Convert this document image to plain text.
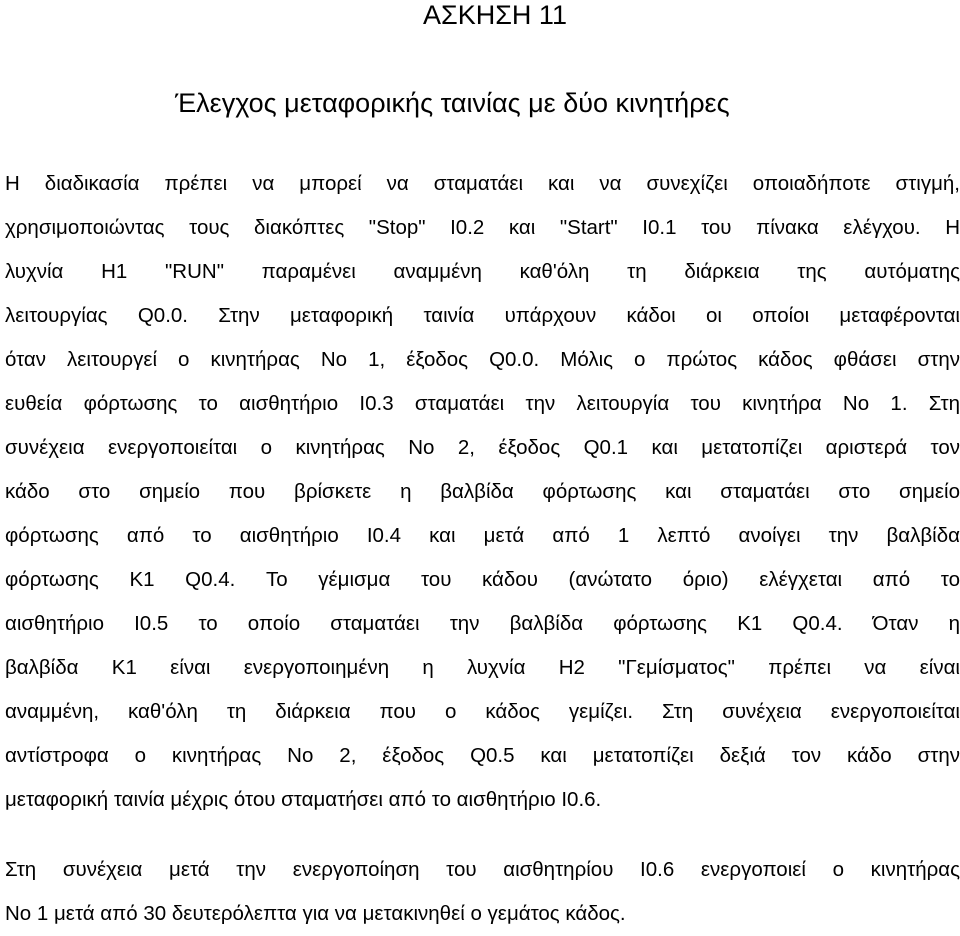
ΑΣΚΗΣΗ 11
Έλεγχος μεταφορικής ταινίας με δύο κινητήρες
Η διαδικασία πρέπει να μπορεί να σταματάει και να συνεχίζει οποιαδήποτε στιγμή,
χρησιμοποιώντας τους διακόπτες "Stop" I0.2 και "Start" I0.1 του πίνακα ελέγχου. Η
λυχνία H1 "RUN" παραμένει αναμμένη καθ'όλη τη διάρκεια της αυτόματης
λειτουργίας Q0.0. Στην μεταφορική ταινία υπάρχουν κάδοι οι οποίοι μεταφέρονται
όταν λειτουργεί ο κινητήρας Νο 1, έξοδος Q0.0. Μόλις ο πρώτος κάδος φθάσει στην
ευθεία φόρτωσης το αισθητήριο I0.3 σταματάει την λειτουργία του κινητήρα Νο 1. Στη
συνέχεια ενεργοποιείται ο κινητήρας Νο 2, έξοδος Q0.1 και μετατοπίζει αριστερά τον
κάδο στο σημείο που βρίσκετε η βαλβίδα φόρτωσης και σταματάει στο σημείο
φόρτωσης από το αισθητήριο I0.4 και μετά από 1 λεπτό ανοίγει την βαλβίδα
φόρτωσης K1 Q0.4. Το γέμισμα του κάδου (ανώτατο όριο) ελέγχεται από το
αισθητήριο I0.5 το οποίο σταματάει την βαλβίδα φόρτωσης K1 Q0.4. Όταν η
βαλβίδα K1 είναι ενεργοποιημένη η λυχνία H2 "Γεμίσματος" πρέπει να είναι
αναμμένη, καθ'όλη τη διάρκεια που ο κάδος γεμίζει. Στη συνέχεια ενεργοποιείται
αντίστροφα ο κινητήρας Νο 2, έξοδος Q0.5 και μετατοπίζει δεξιά τον κάδο στην
μεταφορική ταινία μέχρις ότου σταματήσει από το αισθητήριο I0.6.
Στη συνέχεια μετά την ενεργοποίηση του αισθητηρίου I0.6 ενεργοποιεί ο κινητήρας
Νο 1 μετά από 30 δευτερόλεπτα για να μετακινηθεί ο γεμάτος κάδος.
